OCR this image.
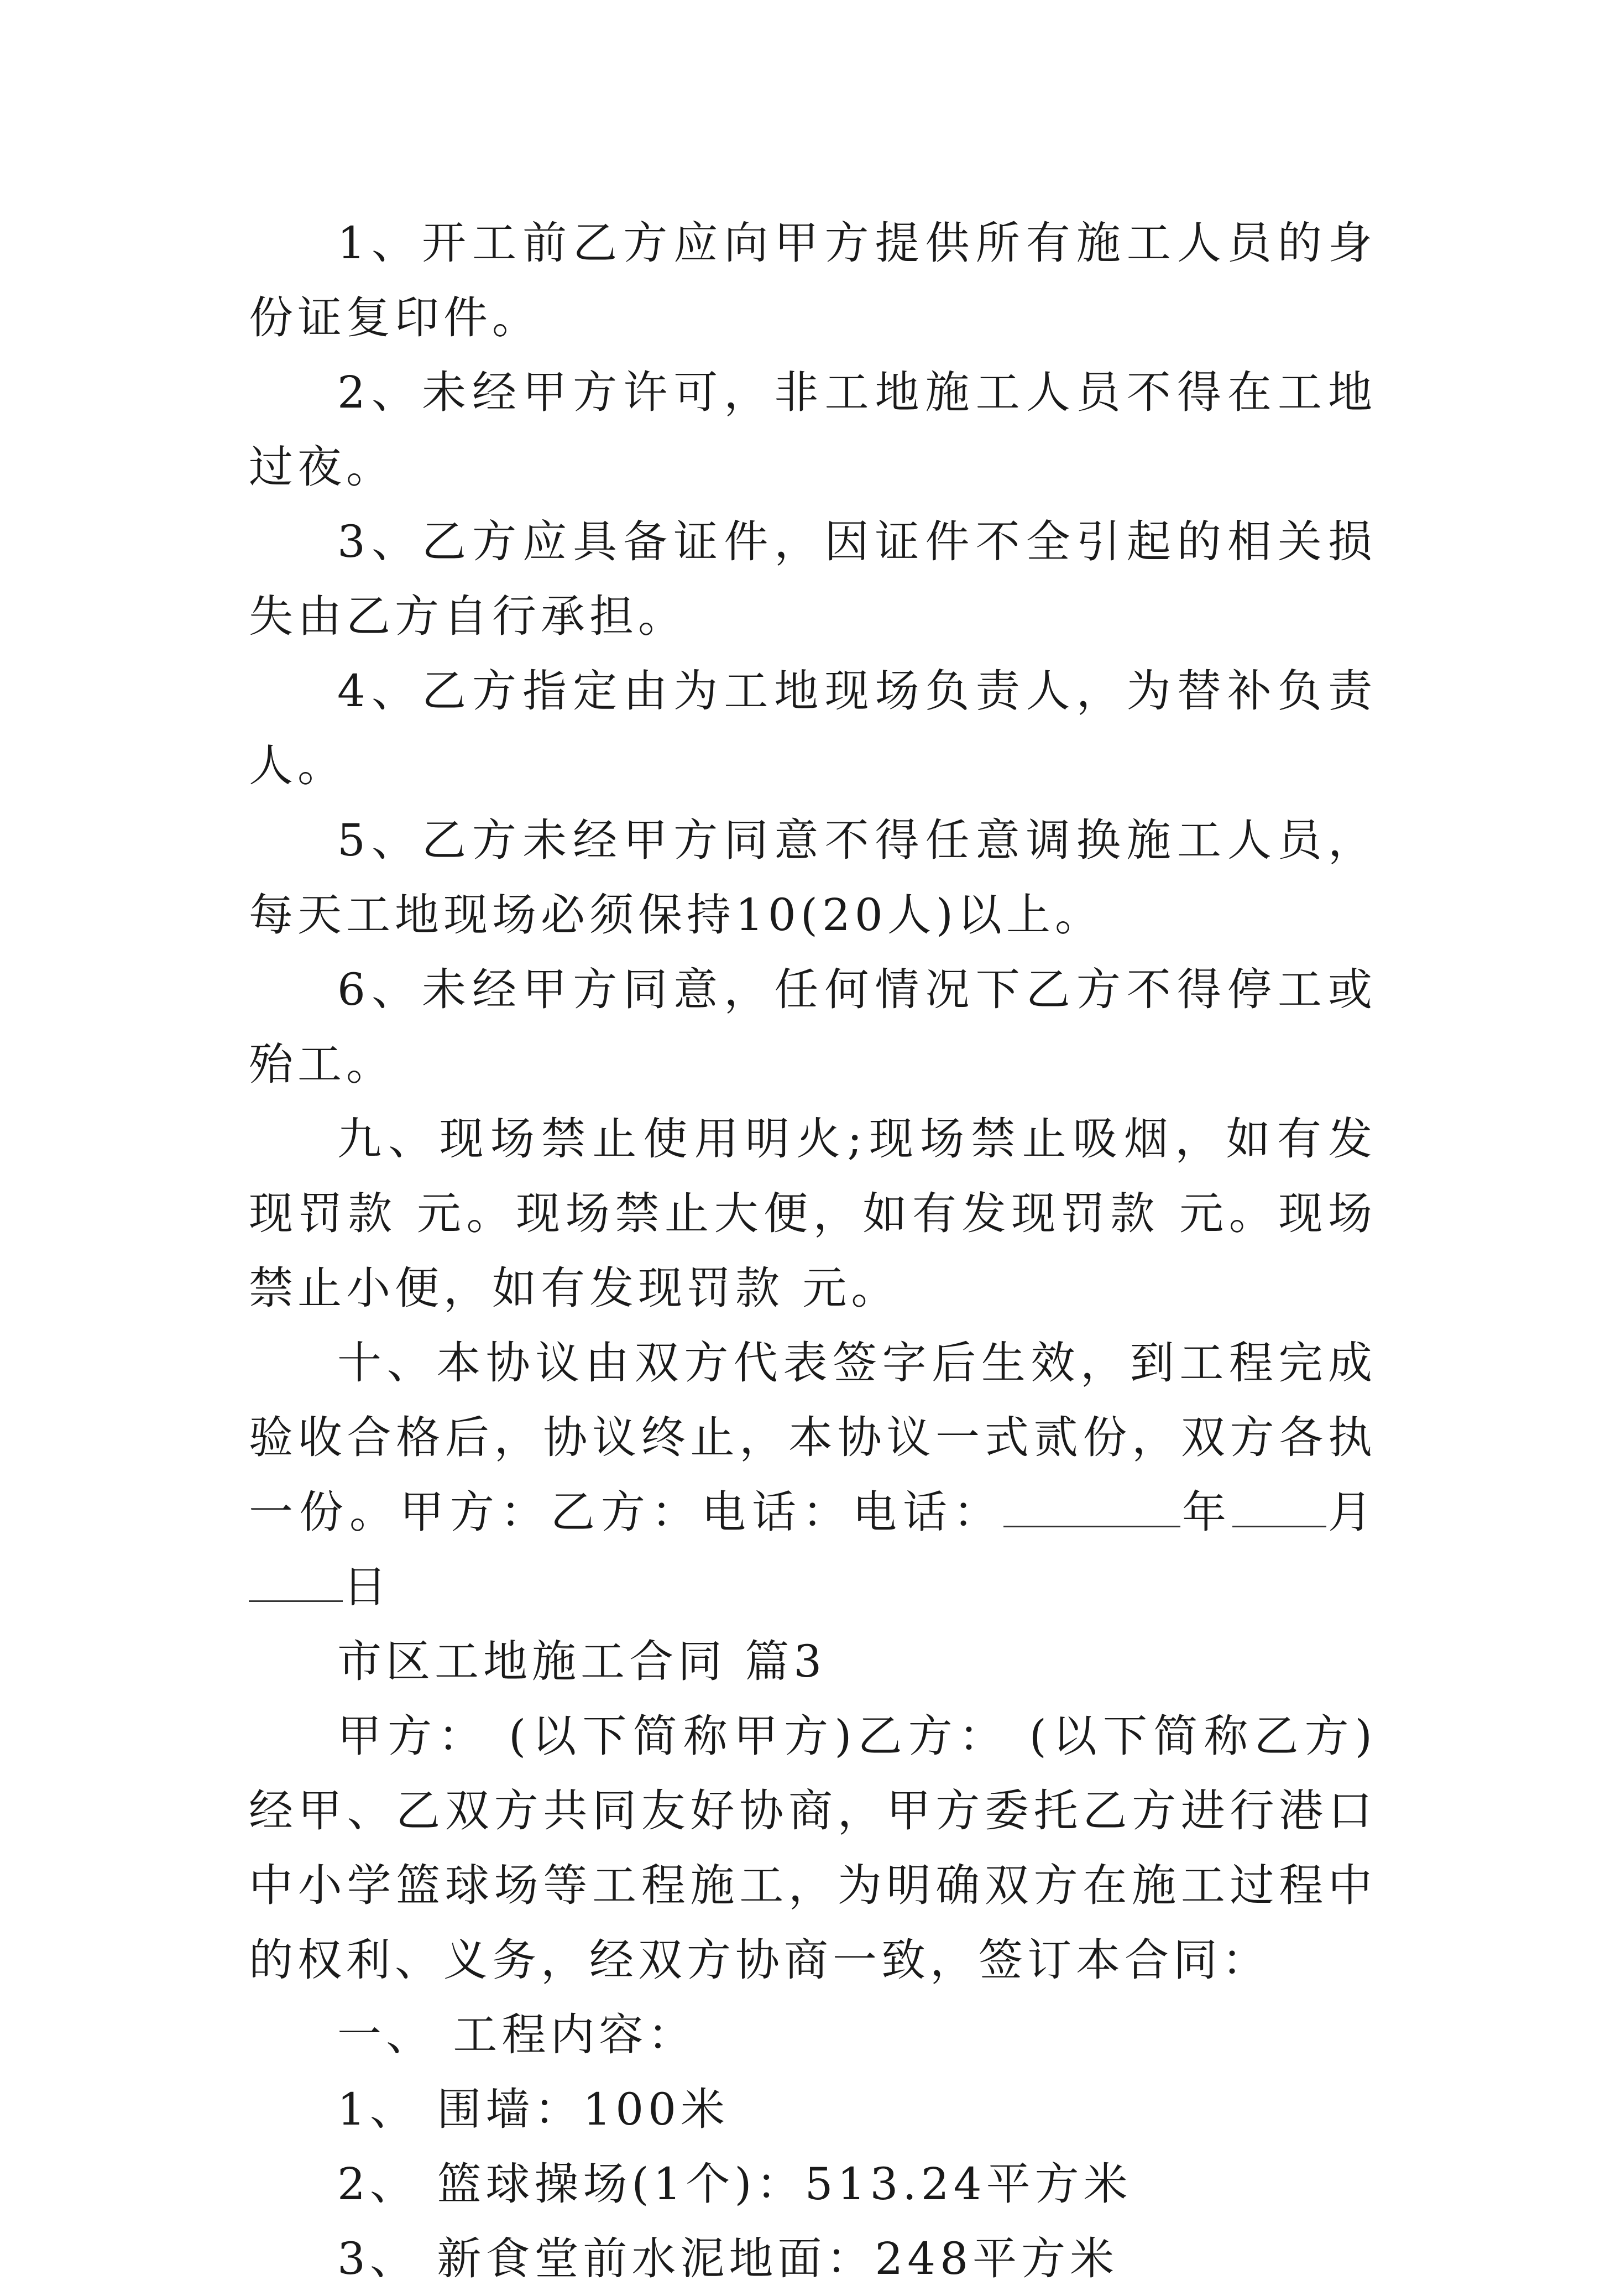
1、开工前乙方应向甲方提供所有施工人员的身份证复印件。

2、未经甲方许可，非工地施工人员不得在工地过夜。

3、乙方应具备证件，因证件不全引起的相关损失由乙方自行承担。

4、乙方指定由为工地现场负责人，为替补负责人。

5、乙方未经甲方同意不得任意调换施工人员，每天工地现场必须保持10(20人)以上。

6、未经甲方同意，任何情况下乙方不得停工或殆工。

九、现场禁止使用明火;现场禁止吸烟，如有发现罚款 元。现场禁止大便，如有发现罚款 元。现场禁止小便，如有发现罚款 元。

十、本协议由双方代表签字后生效，到工程完成验收合格后，协议终止，本协议一式贰份，双方各执一份。甲方：乙方：电话：电话：	年 月日

市区工地施工合同 篇3

甲方： (以下简称甲方)乙方： (以下简称乙方)经甲、乙双方共同友好协商，甲方委托乙方进行港口中小学篮球场等工程施工，为明确双方在施工过程中的权利、义务，经双方协商一致，签订本合同：

一、 工程内容：

1、 围墙：100米

2、 篮球操场(1个)：513.24平方米

3、 新食堂前水泥地面：248平方米
